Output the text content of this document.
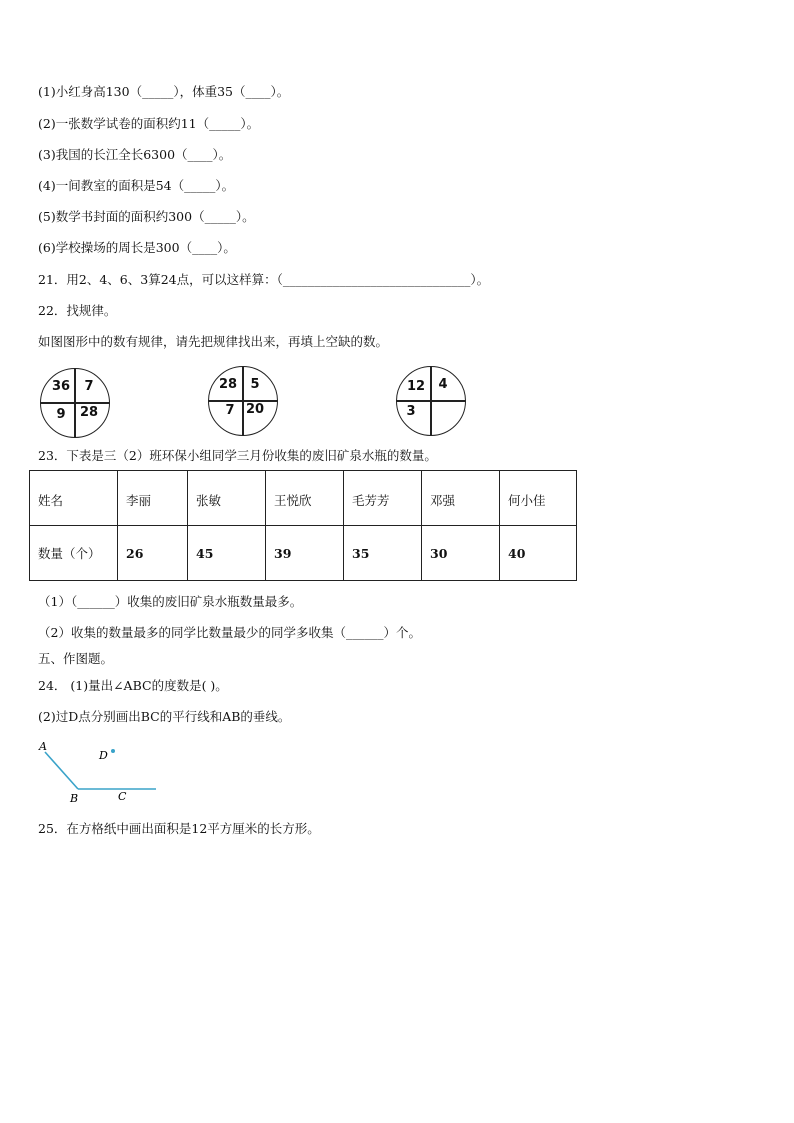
(1)小红身高130（_____），体重35（____）。
(2)一张数学试卷的面积约11（_____）。
(3)我国的长江全长6300（____）。
(4)一间教室的面积是54（_____）。
(5)数学书封面的面积约300（_____）。
(6)学校操场的周长是300（____）。
21．用2、4、6、3算24点，可以这样算：（______________________________）。
22．找规律。
如图图形中的数有规律，请先把规律找出来，再填上空缺的数。
36	7
9	28
28	5
7 20
12	4
3
23．下表是三（2）班环保小组同学三月份收集的废旧矿泉水瓶的数量。
姓名	李丽	张敏	王悦欣	毛芳芳	邓强	何小佳
数量（个）	26	45	39	35	30	40
（1）（______）收集的废旧矿泉水瓶数量最多。
（2）收集的数量最多的同学比数量最少的同学多收集（______）个。
五、作图题。
24． (1)量出∠ABC的度数是( )。
(2)过D点分别画出BC的平行线和AB的垂线。
A
B	C
D
25．在方格纸中画出面积是12平方厘米的长方形。
